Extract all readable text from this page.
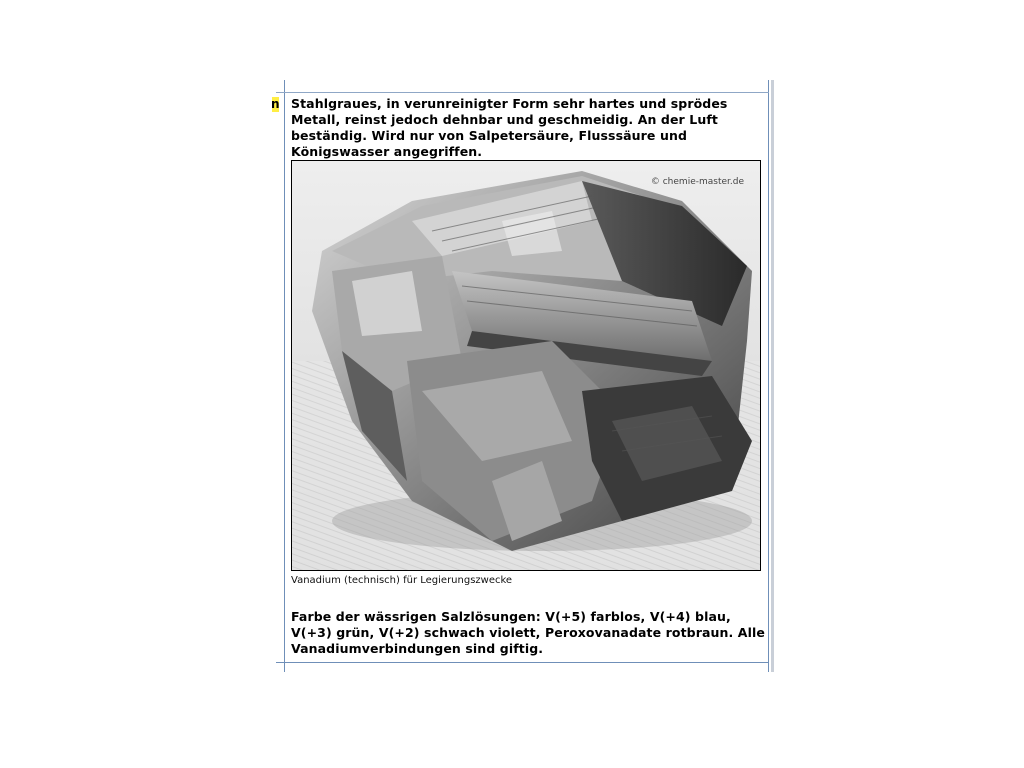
n Stahlgraues, in verunreinigter Form sehr hartes und sprödes Metall, reinst jedoch dehnbar und geschmeidig. An der Luft beständig. Wird nur von Salpetersäure, Flusssäure und Königswasser angegriffen.
© chemie-master.de
Vanadium (technisch) für Legierungszwecke
Farbe der wässrigen Salzlösungen: V(+5) farblos, V(+4) blau, V(+3) grün, V(+2) schwach violett, Peroxovanadate rotbraun. Alle Vanadiumverbindungen sind giftig.
